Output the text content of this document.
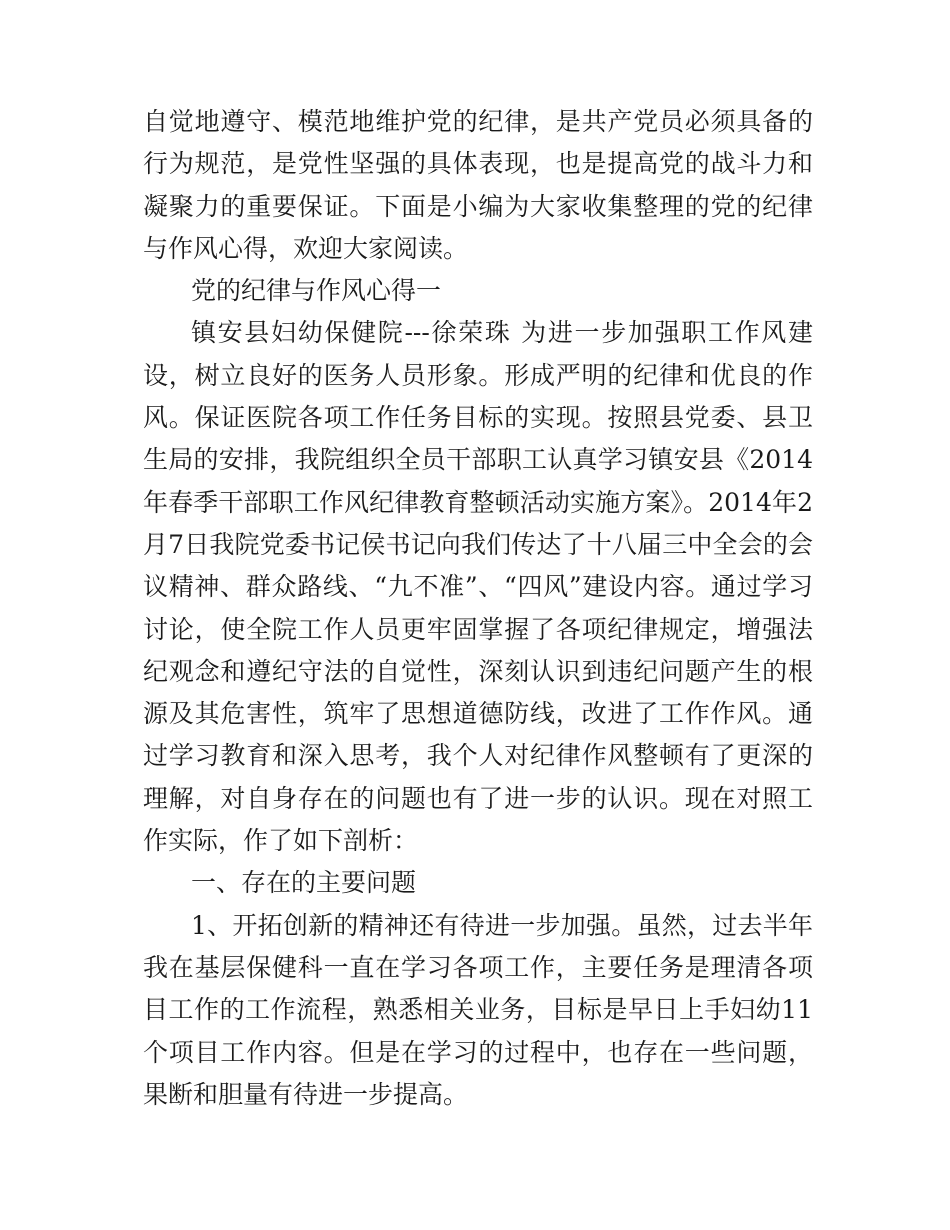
自觉地遵守、模范地维护党的纪律，是共产党员必须具备的行为规范，是党性坚强的具体表现，也是提高党的战斗力和凝聚力的重要保证。下面是小编为大家收集整理的党的纪律与作风心得，欢迎大家阅读。

党的纪律与作风心得一

镇安县妇幼保健院---徐荣珠 为进一步加强职工作风建设，树立良好的医务人员形象。形成严明的纪律和优良的作风。保证医院各项工作任务目标的实现。按照县党委、县卫生局的安排，我院组织全员干部职工认真学习镇安县《2014年春季干部职工作风纪律教育整顿活动实施方案》。2014年2月7日我院党委书记侯书记向我们传达了十八届三中全会的会议精神、群众路线、“九不准”、“四风”建设内容。通过学习讨论，使全院工作人员更牢固掌握了各项纪律规定，增强法纪观念和遵纪守法的自觉性，深刻认识到违纪问题产生的根源及其危害性，筑牢了思想道德防线，改进了工作作风。通过学习教育和深入思考，我个人对纪律作风整顿有了更深的理解，对自身存在的问题也有了进一步的认识。现在对照工作实际，作了如下剖析：

一、存在的主要问题

1、开拓创新的精神还有待进一步加强。虽然，过去半年我在基层保健科一直在学习各项工作，主要任务是理清各项目工作的工作流程，熟悉相关业务，目标是早日上手妇幼11个项目工作内容。但是在学习的过程中，也存在一些问题，果断和胆量有待进一步提高。
